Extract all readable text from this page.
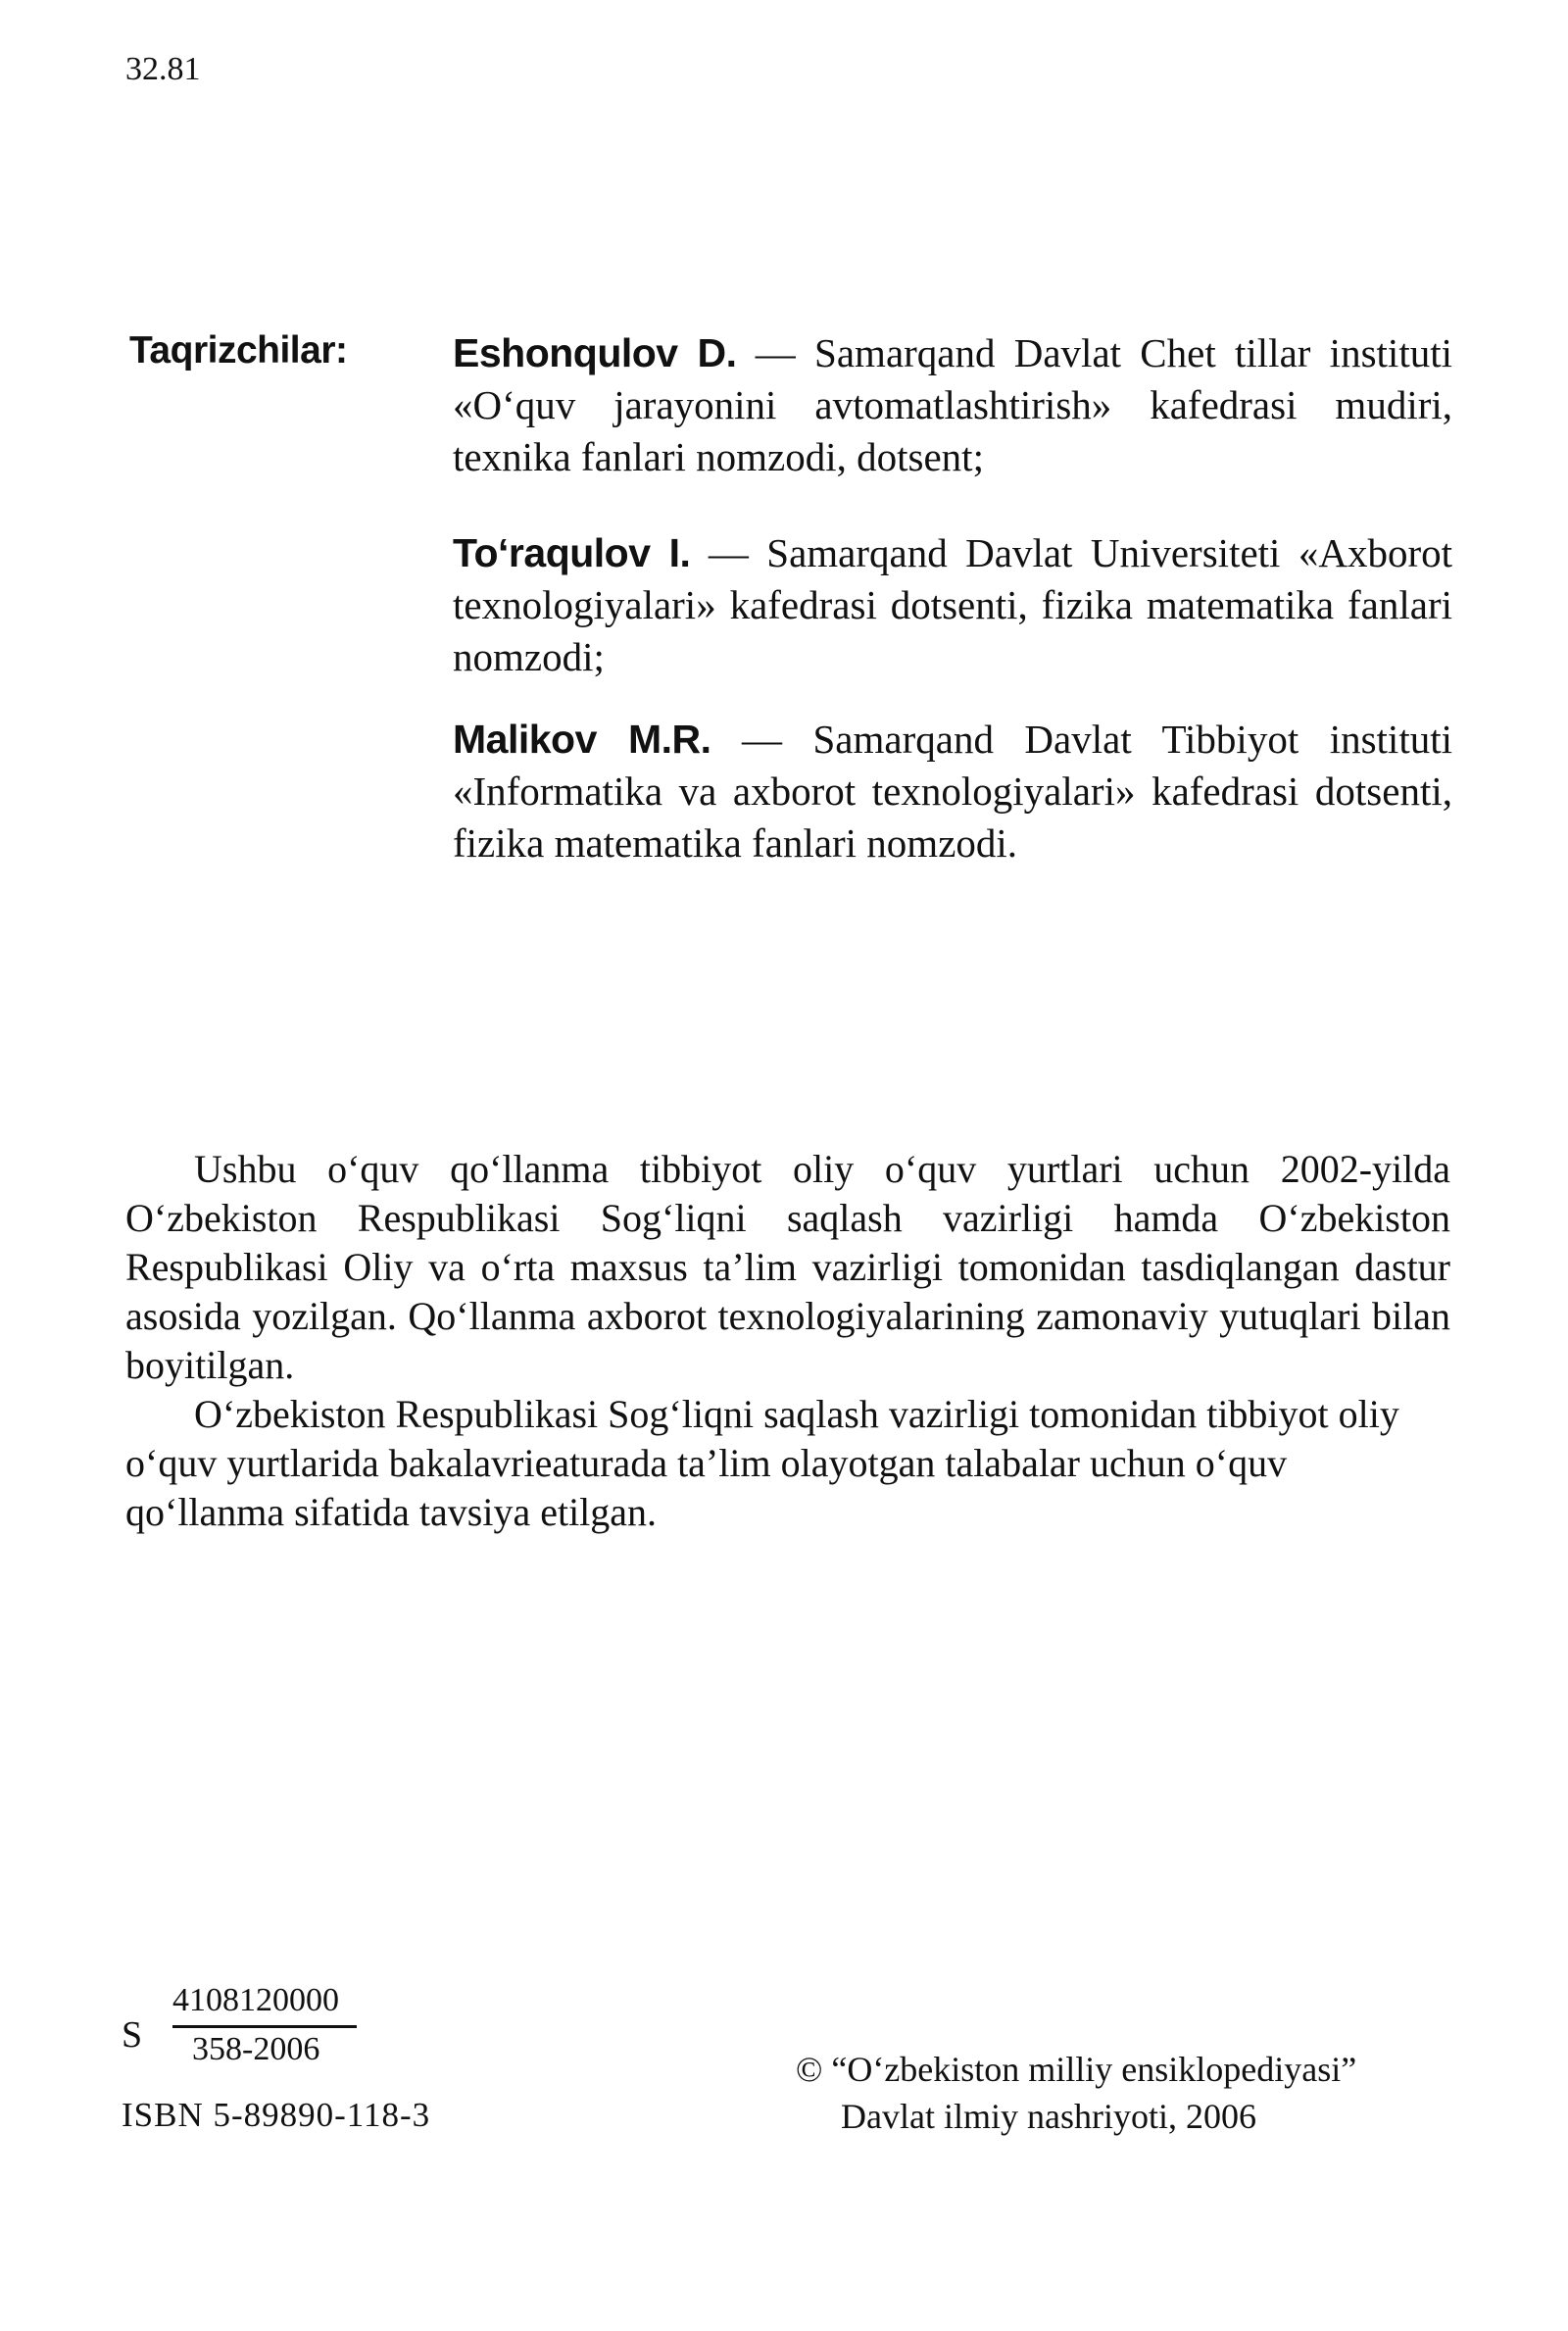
32.81
Taqrizchilar:	Eshonqulov D. — Samarqand Davlat Chet tillar instituti «O‘quv jarayonini avtomatlashtirish» kafedrasi mudiri, texnika fanlari nomzodi, dotsent;
To‘raqulov I. — Samarqand Davlat Universiteti «Axborot texnologiyalari» kafedrasi dotsenti, fizika matematika fanlari nomzodi;
Malikov M.R. — Samarqand Davlat Tibbiyot instituti «Informatika va axborot texnologiyalari» kafedrasi dotsenti, fizika matematika fanlari nomzodi.

Ushbu o‘quv qo‘llanma tibbiyot oliy o‘quv yurtlari uchun 2002-yilda O‘zbekiston Respublikasi Sog‘liqni saqlash vazirligi hamda O‘zbekiston Respublikasi Oliy va o‘rta maxsus ta’lim vazirligi tomonidan tasdiqlangan dastur asosida yozilgan. Qo‘llanma axborot texnologiyalarining zamonaviy yutuqlari bilan boyitilgan.

O‘zbekiston Respublikasi Sog‘liqni saqlash vazirligi tomonidan tibbiyot oliy o‘quv yurtlarida bakalavrieaturada ta’lim olayotgan talabalar uchun o‘quv qo‘llanma sifatida tavsiya etilgan.

S
4108120000
358-2006
ISBN 5-89890-118-3
© “O‘zbekiston milliy ensiklopediyasi”
Davlat ilmiy nashriyoti, 2006
